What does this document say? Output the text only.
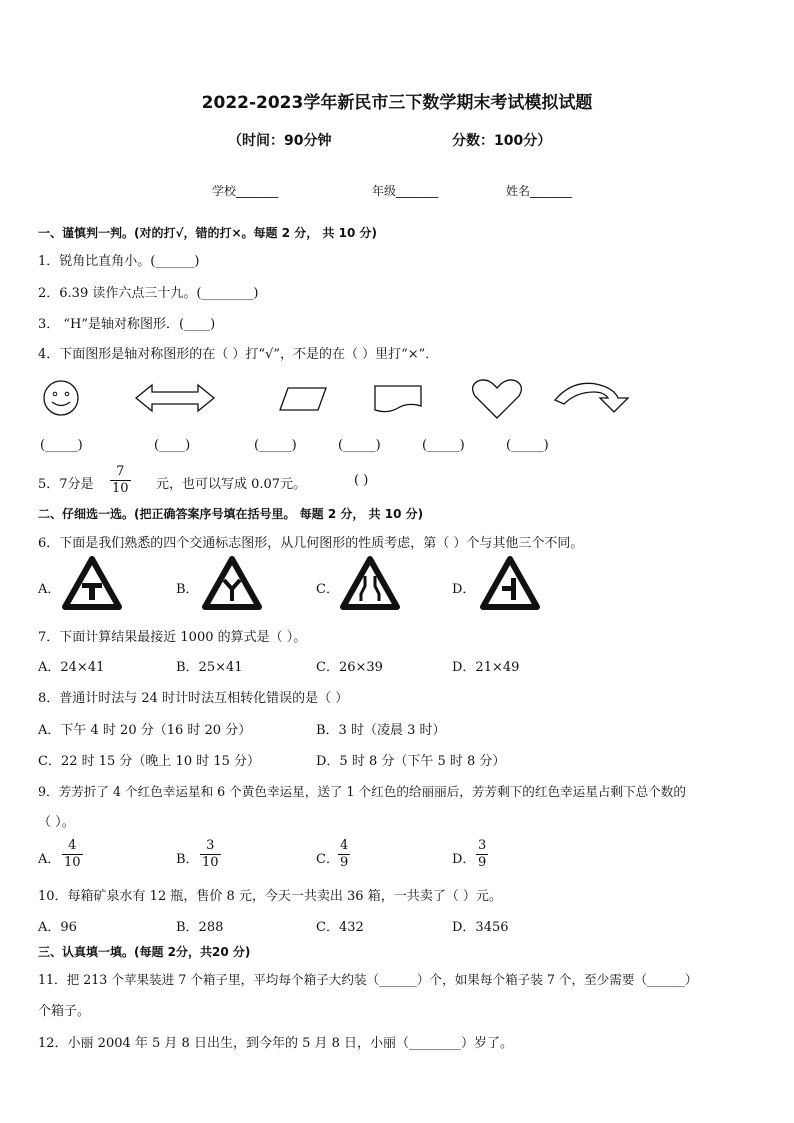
2022-2023学年新民市三下数学期末考试模拟试题
（时间：90分钟	分数：100分）
学校_______	年级_______	姓名_______
一、谨慎判一判。(对的打√，错的打×。每题 2 分， 共 10 分)
1．锐角比直角小。(______)
2．6.39 读作六点三十九。(________)
3． “H”是轴对称图形．(____)
4．下面图形是轴对称图形的在（ ）打“√”，不是的在（ ）里打“×”．
(_____)	(____)	(_____)	(_____)	(_____)	(_____)
5．7分是 $\frac{7}{10}$ 元，也可以写成 0.07元。	( )
二、仔细选一选。(把正确答案序号填在括号里。 每题 2 分， 共 10 分)
6．下面是我们熟悉的四个交通标志图形，从几何图形的性质考虑，第（ ）个与其他三个不同。
A．	B．	C．	D．
7．下面计算结果最接近 1000 的算式是（ ）。
A．24×41	B．25×41	C．26×39	D．21×49
8．普通计时法与 24 时计时法互相转化错误的是（ ）
A．下午 4 时 20 分（16 时 20 分）	B．3 时（凌晨 3 时）
C．22 时 15 分（晚上 10 时 15 分）	D．5 时 8 分（下午 5 时 8 分）
9．芳芳折了 4 个红色幸运星和 6 个黄色幸运星，送了 1 个红色的给丽丽后，芳芳剩下的红色幸运星占剩下总个数的
（ ）。
A． $\frac{4}{10}$	B． $\frac{3}{10}$	C． $\frac{4}{9}$	D． $\frac{3}{9}$
10．每箱矿泉水有 12 瓶，售价 8 元，今天一共卖出 36 箱，一共卖了（ ）元。
A．96	B．288	C．432	D．3456
三、认真填一填。(每题 2分，共20 分)
11．把 213 个苹果装进 7 个箱子里，平均每个箱子大约装（______）个，如果每个箱子装 7 个，至少需要（______）
个箱子。
12．小丽 2004 年 5 月 8 日出生，到今年的 5 月 8 日，小丽（________）岁了。
